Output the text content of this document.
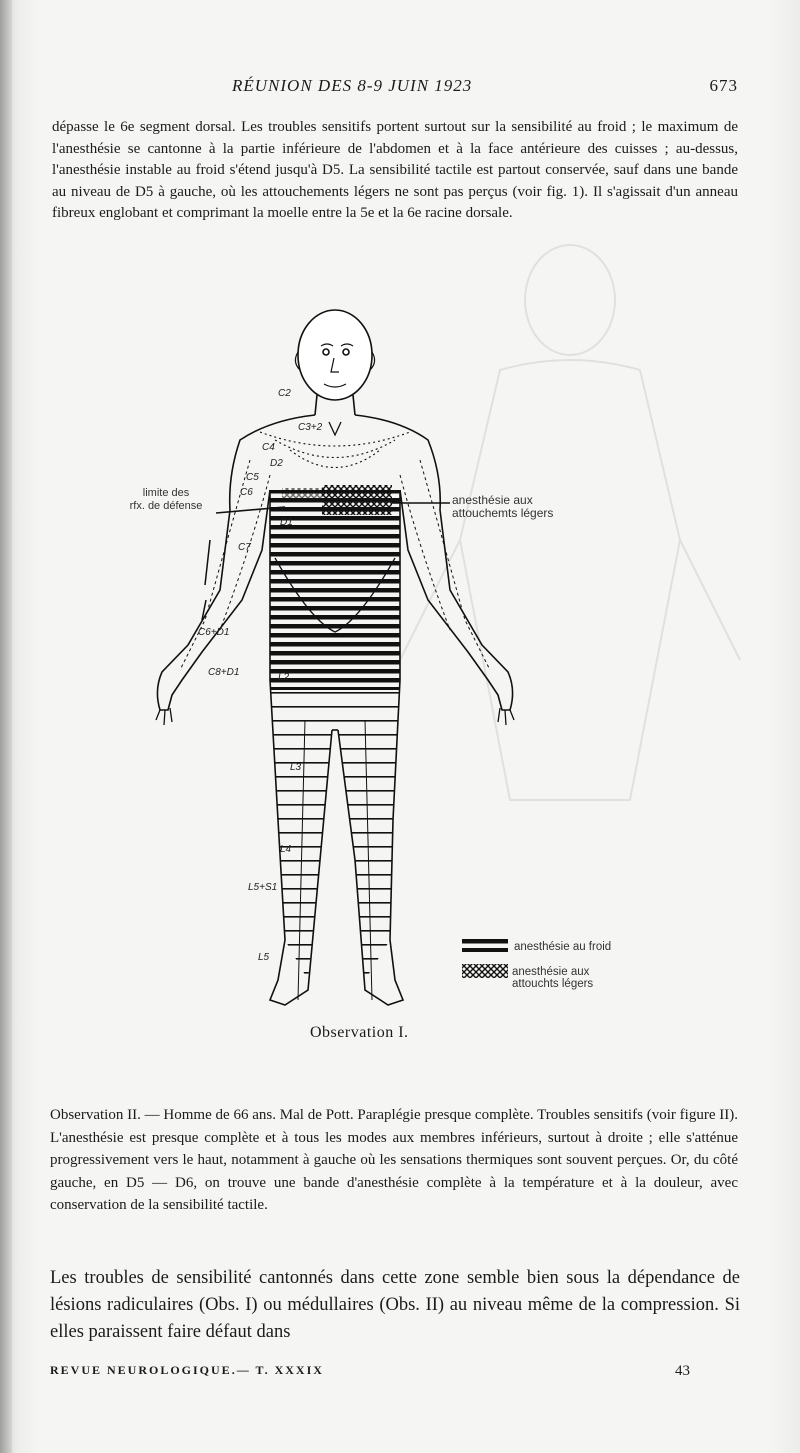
RÉUNION DES 8-9 JUIN 1923	673

dépasse le 6e segment dorsal. Les troubles sensitifs portent surtout sur la sensibilité au froid ; le maximum de l'anesthésie se cantonne à la partie inférieure de l'abdomen et à la face antérieure des cuisses ; au-dessus, l'anesthésie instable au froid s'étend jusqu'à D5. La sensibilité tactile est partout conservée, sauf dans une bande au niveau de D5 à gauche, où les attouchements légers ne sont pas perçus (voir fig. 1). Il s'agissait d'un anneau fibreux englobant et comprimant la moelle entre la 5e et la 6e racine dorsale.

C2
C3+2
C4
C5
C6
D2
D1
C7
C6+D1
C8+D1	L2
L3
L4
L5+S1
L5
limite des
rfx. de défense	anesthésie aux
attouchemts légers
anesthésie au froid
anesthésie aux
attouchts légers
Observation I.

Observation II. — Homme de 66 ans. Mal de Pott. Paraplégie presque complète. Troubles sensitifs (voir figure II). L'anesthésie est presque complète et à tous les modes aux membres inférieurs, surtout à droite ; elle s'atténue progressivement vers le haut, notamment à gauche où les sensations thermiques sont souvent perçues. Or, du côté gauche, en D5 — D6, on trouve une bande d'anesthésie complète à la température et à la douleur, avec conservation de la sensibilité tactile.

Les troubles de sensibilité cantonnés dans cette zone semble bien sous la dépendance de lésions radiculaires (Obs. I) ou médullaires (Obs. II) au niveau même de la compression. Si elles paraissent faire défaut dans

REVUE NEUROLOGIQUE.— T. XXXIX	43
